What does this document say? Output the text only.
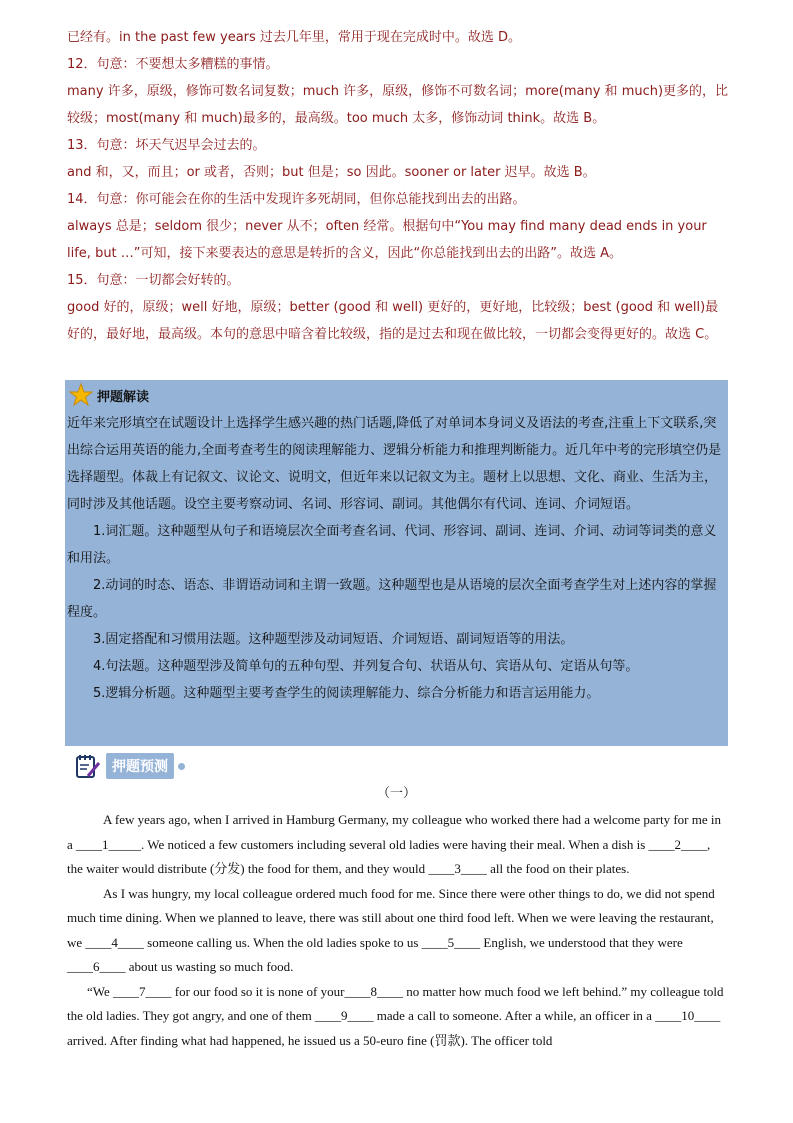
已经有。in the past few years 过去几年里，常用于现在完成时中。故选 D。

12．句意：不要想太多糟糕的事情。

many 许多，原级，修饰可数名词复数；much 许多，原级，修饰不可数名词；more(many 和 much)更多的，比较级；most(many 和 much)最多的，最高级。too much 太多，修饰动词 think。故选 B。

13．句意：坏天气迟早会过去的。

and 和，又，而且；or 或者，否则；but 但是；so 因此。sooner or later 迟早。故选 B。

14．句意：你可能会在你的生活中发现许多死胡同，但你总能找到出去的出路。

always 总是；seldom 很少；never 从不；often 经常。根据句中“You may find many dead ends in your life, but …”可知，接下来要表达的意思是转折的含义，因此“你总能找到出去的出路”。故选 A。

15．句意：一切都会好转的。

good 好的，原级；well 好地，原级；better (good 和 well) 更好的，更好地，比较级；best (good 和 well)最好的，最好地，最高级。本句的意思中暗含着比较级，指的是过去和现在做比较，一切都会变得更好的。故选 C。

押题解读

近年来完形填空在试题设计上选择学生感兴趣的热门话题,降低了对单词本身词义及语法的考查,注重上下文联系,突出综合运用英语的能力,全面考查考生的阅读理解能力、逻辑分析能力和推理判断能力。近几年中考的完形填空仍是选择题型。体裁上有记叙文、议论文、说明文，但近年来以记叙文为主。题材上以思想、文化、商业、生活为主，同时涉及其他话题。设空主要考察动词、名词、形容词、副词。其他偶尔有代词、连词、介词短语。

1.词汇题。这种题型从句子和语境层次全面考查名词、代词、形容词、副词、连词、介词、动词等词类的意义和用法。

2.动词的时态、语态、非谓语动词和主谓一致题。这种题型也是从语境的层次全面考查学生对上述内容的掌握程度。

3.固定搭配和习惯用法题。这种题型涉及动词短语、介词短语、副词短语等的用法。

4.句法题。这种题型涉及简单句的五种句型、并列复合句、状语从句、宾语从句、定语从句等。

5.逻辑分析题。这种题型主要考查学生的阅读理解能力、综合分析能力和语言运用能力。

押题预测
（一）

A few years ago, when I arrived in Hamburg Germany, my colleague who worked there had a welcome party for me in a ____1_____. We noticed a few customers including several old ladies were having their meal. When a dish is ____2____, the waiter would distribute (分发) the food for them, and they would ____3____ all the food on their plates.

As I was hungry, my local colleague ordered much food for me. Since there were other things to do, we did not spend much time dining. When we planned to leave, there was still about one third food left. When we were leaving the restaurant, we ____4____ someone calling us. When the old ladies spoke to us ____5____ English, we understood that they were ____6____ about us wasting so much food.

“We ____7____ for our food so it is none of your____8____ no matter how much food we left behind.” my colleague told the old ladies. They got angry, and one of them ____9____ made a call to someone. After a while, an officer in a ____10____ arrived. After finding what had happened, he issued us a 50-euro fine (罚款). The officer told
